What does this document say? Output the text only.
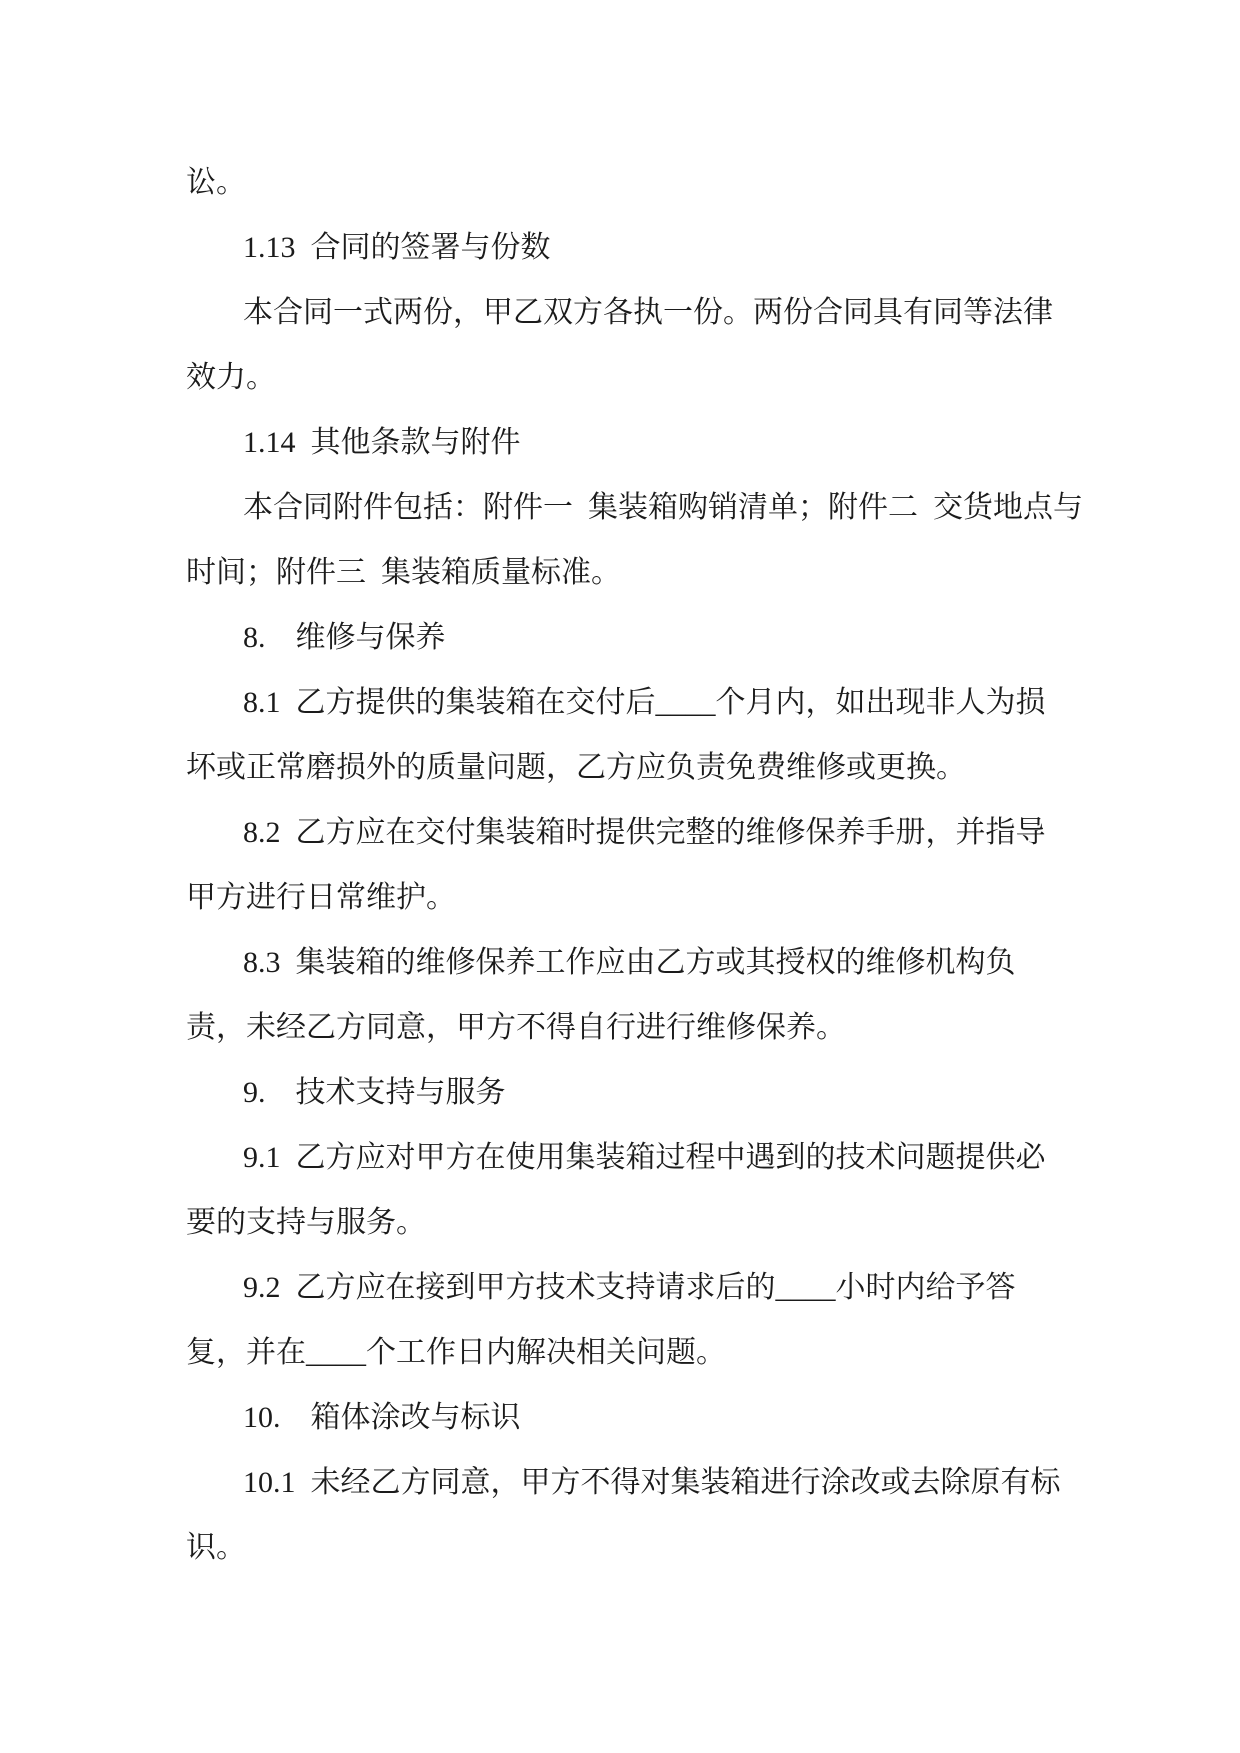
讼。
1.13 合同的签署与份数
本合同一式两份，甲乙双方各执一份。两份合同具有同等法律
效力。
1.14 其他条款与附件
本合同附件包括：附件一 集装箱购销清单；附件二 交货地点与
时间；附件三 集装箱质量标准。
8.  维修与保养
8.1 乙方提供的集装箱在交付后____个月内，如出现非人为损
坏或正常磨损外的质量问题，乙方应负责免费维修或更换。
8.2 乙方应在交付集装箱时提供完整的维修保养手册，并指导
甲方进行日常维护。
8.3 集装箱的维修保养工作应由乙方或其授权的维修机构负
责，未经乙方同意，甲方不得自行进行维修保养。
9.  技术支持与服务
9.1 乙方应对甲方在使用集装箱过程中遇到的技术问题提供必
要的支持与服务。
9.2 乙方应在接到甲方技术支持请求后的____小时内给予答
复，并在____个工作日内解决相关问题。
10.  箱体涂改与标识
10.1 未经乙方同意，甲方不得对集装箱进行涂改或去除原有标
识。
